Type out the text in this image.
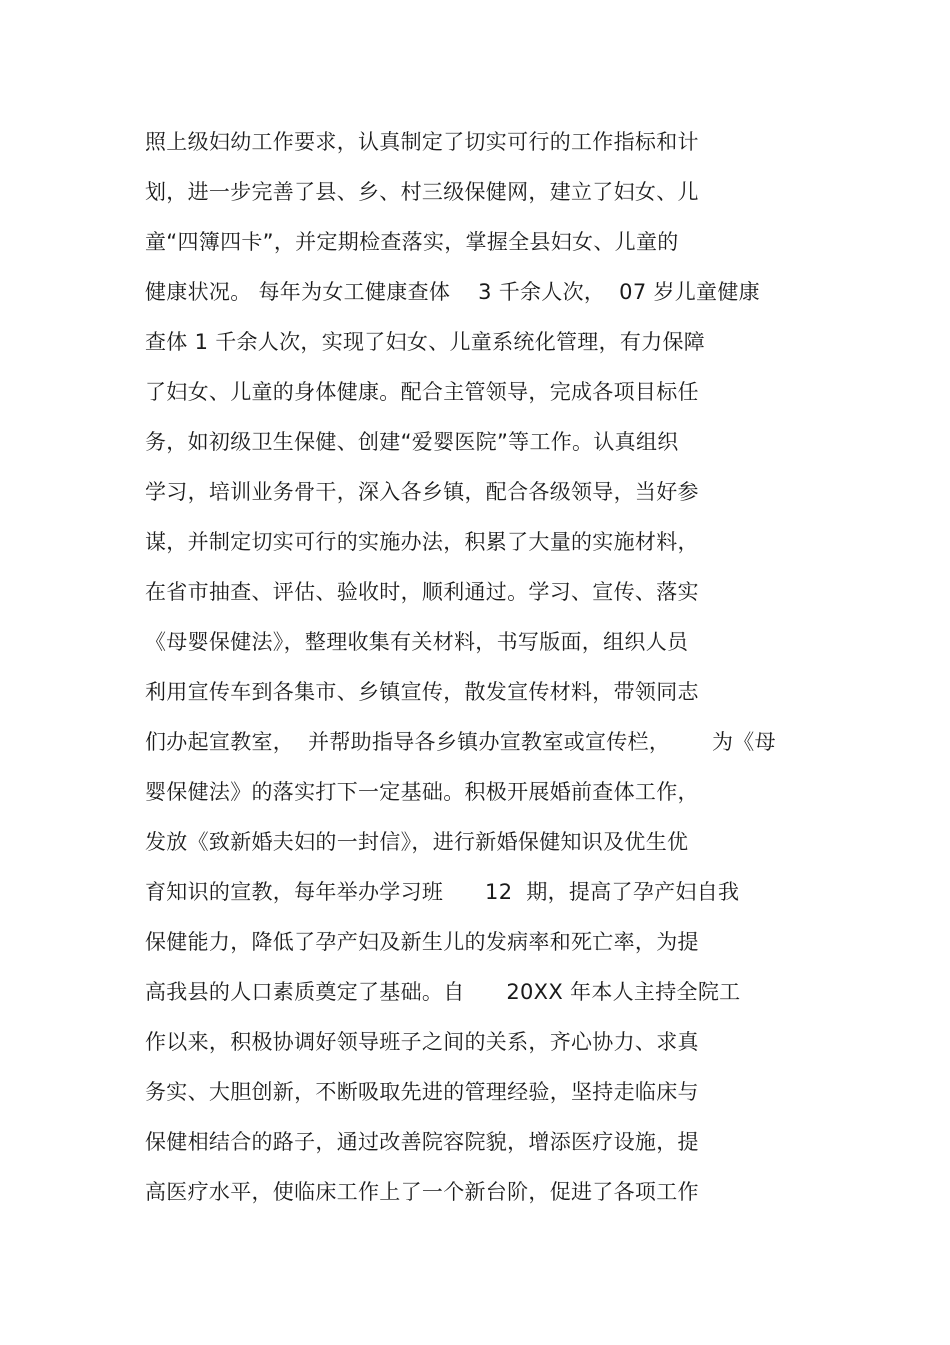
照上级妇幼工作要求，认真制定了切实可行的工作指标和计
划，进一步完善了县、乡、村三级保健网，建立了妇女、儿
童“四簿四卡”，并定期检查落实，掌握全县妇女、儿童的
健康状况。 每年为女工健康查体    3 千余人次，  07 岁儿童健康
查体 1 千余人次，实现了妇女、儿童系统化管理，有力保障
了妇女、儿童的身体健康。配合主管领导，完成各项目标任
务，如初级卫生保健、创建“爱婴医院”等工作。认真组织
学习，培训业务骨干，深入各乡镇，配合各级领导，当好参
谋，并制定切实可行的实施办法，积累了大量的实施材料，
在省市抽查、评估、验收时，顺利通过。学习、宣传、落实
《母婴保健法》，整理收集有关材料，书写版面，组织人员
利用宣传车到各集市、乡镇宣传，散发宣传材料，带领同志
们办起宣教室，  并帮助指导各乡镇办宣教室或宣传栏，      为《母
婴保健法》的落实打下一定基础。积极开展婚前查体工作，
发放《致新婚夫妇的一封信》，进行新婚保健知识及优生优
育知识的宣教，每年举办学习班      12  期，提高了孕产妇自我
保健能力，降低了孕产妇及新生儿的发病率和死亡率，为提
高我县的人口素质奠定了基础。自      20XX 年本人主持全院工
作以来，积极协调好领导班子之间的关系，齐心协力、求真
务实、大胆创新，不断吸取先进的管理经验，坚持走临床与
保健相结合的路子，通过改善院容院貌，增添医疗设施，提
高医疗水平，使临床工作上了一个新台阶，促进了各项工作
